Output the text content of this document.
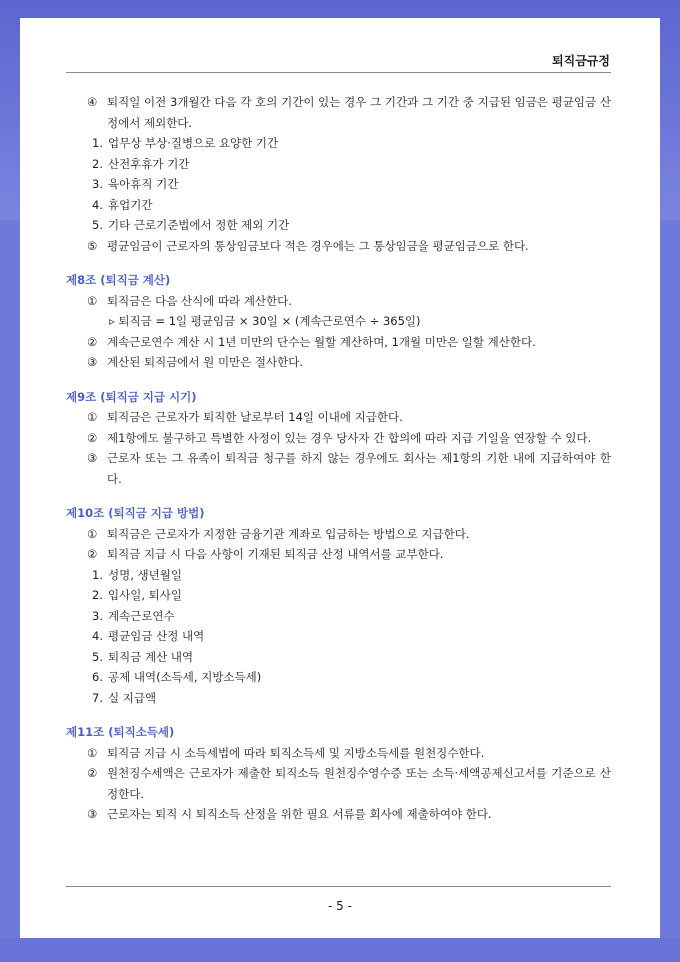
퇴직금규정
④ 퇴직일 이전 3개월간 다음 각 호의 기간이 있는 경우 그 기간과 그 기간 중 지급된 임금은 평균임금 산정에서 제외한다.
1. 업무상 부상·질병으로 요양한 기간
2. 산전후휴가 기간
3. 육아휴직 기간
4. 휴업기간
5. 기타 근로기준법에서 정한 제외 기간
⑤ 평균임금이 근로자의 통상임금보다 적은 경우에는 그 통상임금을 평균임금으로 한다.
제8조 (퇴직금 계산)
① 퇴직금은 다음 산식에 따라 계산한다.
▹ 퇴직금 = 1일 평균임금 × 30일 × (계속근로연수 ÷ 365일)
② 계속근로연수 계산 시 1년 미만의 단수는 월할 계산하며, 1개월 미만은 일할 계산한다.
③ 계산된 퇴직금에서 원 미만은 절사한다.
제9조 (퇴직금 지급 시기)
① 퇴직금은 근로자가 퇴직한 날로부터 14일 이내에 지급한다.
② 제1항에도 불구하고 특별한 사정이 있는 경우 당사자 간 합의에 따라 지급 기일을 연장할 수 있다.
③ 근로자 또는 그 유족이 퇴직금 청구를 하지 않는 경우에도 회사는 제1항의 기한 내에 지급하여야 한다.
제10조 (퇴직금 지급 방법)
① 퇴직금은 근로자가 지정한 금융기관 계좌로 입금하는 방법으로 지급한다.
② 퇴직금 지급 시 다음 사항이 기재된 퇴직금 산정 내역서를 교부한다.
1. 성명, 생년월일
2. 입사일, 퇴사일
3. 계속근로연수
4. 평균임금 산정 내역
5. 퇴직금 계산 내역
6. 공제 내역(소득세, 지방소득세)
7. 실 지급액
제11조 (퇴직소득세)
① 퇴직금 지급 시 소득세법에 따라 퇴직소득세 및 지방소득세를 원천징수한다.
② 원천징수세액은 근로자가 제출한 퇴직소득 원천징수영수증 또는 소득·세액공제신고서를 기준으로 산정한다.
③ 근로자는 퇴직 시 퇴직소득 산정을 위한 필요 서류를 회사에 제출하여야 한다.
- 5 -
